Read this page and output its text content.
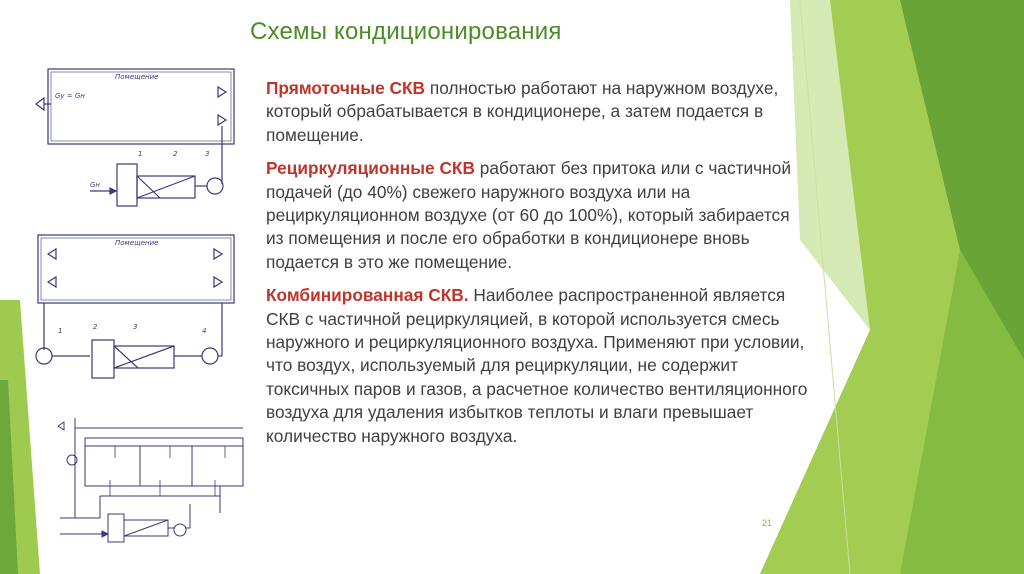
Схемы кондиционирования
Помещение
Gу = Gн
Gн
1	2	3
Помещение
1	2	3	4

Прямоточные СКВ полностью работают на наружном воздухе, который обрабатывается в кондиционере, а затем подается в помещение.

Рециркуляционные СКВ работают без притока или с частичной подачей (до 40%) свежего наружного воздуха или на рециркуляционном воздухе (от 60 до 100%), который забирается из помещения и после его обработки в кондиционере вновь подается в это же помещение.

Комбинированная СКВ. Наиболее распространенной является СКВ с частичной рециркуляцией, в которой используется смесь наружного и рециркуляционного воздуха. Применяют при условии, что воздух, используемый для рециркуляции, не содержит токсичных паров и газов, а расчетное количество вентиляционного воздуха для удаления избытков теплоты и влаги превышает количество наружного воздуха.

21
